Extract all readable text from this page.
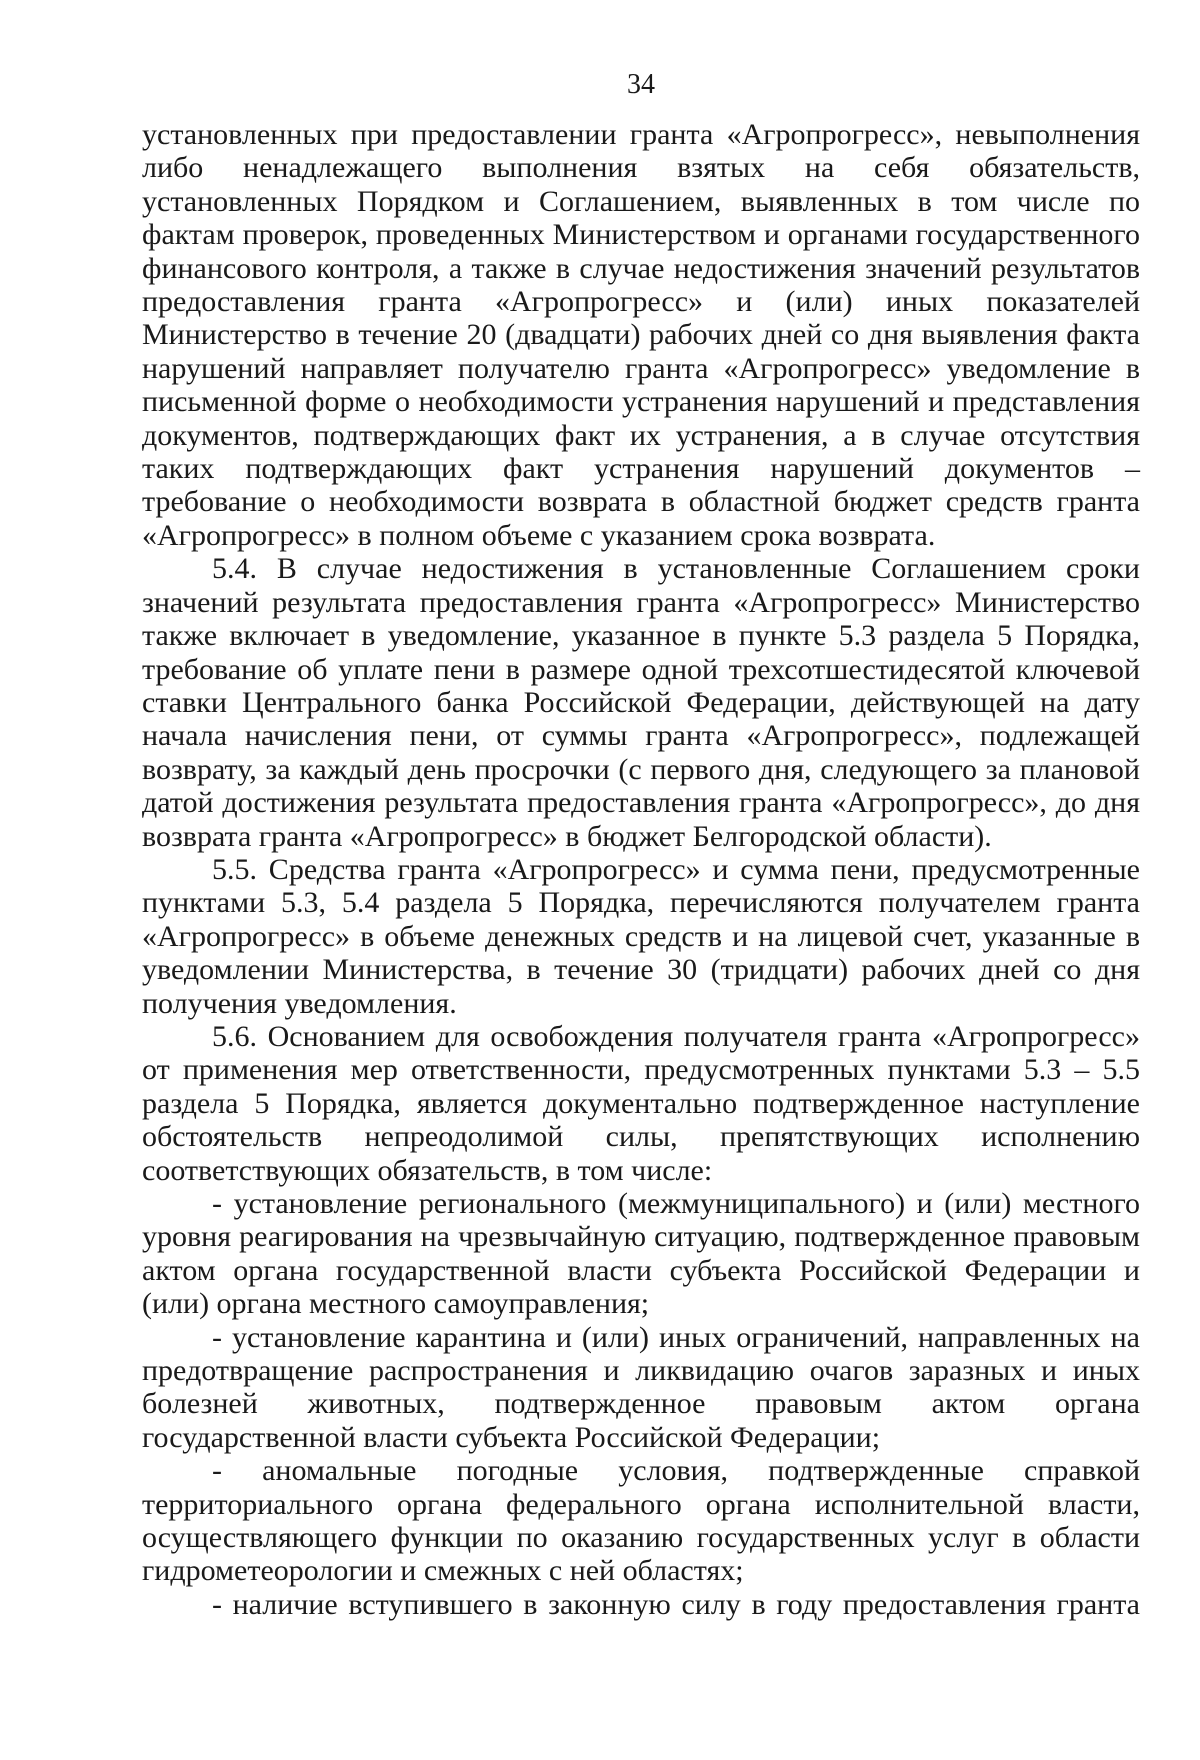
34

установленных при предоставлении гранта «Агропрогресс», невыполнения либо ненадлежащего выполнения взятых на себя обязательств, установленных Порядком и Соглашением, выявленных в том числе по фактам проверок, проведенных Министерством и органами государственного финансового контроля, а также в случае недостижения значений результатов предоставления гранта «Агропрогресс» и (или) иных показателей Министерство в течение 20 (двадцати) рабочих дней со дня выявления факта нарушений направляет получателю гранта «Агропрогресс» уведомление в письменной форме о необходимости устранения нарушений и представления документов, подтверждающих факт их устранения, а в случае отсутствия таких подтверждающих факт устранения нарушений документов – требование о необходимости возврата в областной бюджет средств гранта «Агропрогресс» в полном объеме с указанием срока возврата.

5.4. В случае недостижения в установленные Соглашением сроки значений результата предоставления гранта «Агропрогресс» Министерство также включает в уведомление, указанное в пункте 5.3 раздела 5 Порядка, требование об уплате пени в размере одной трехсотшестидесятой ключевой ставки Центрального банка Российской Федерации, действующей на дату начала начисления пени, от суммы гранта «Агропрогресс», подлежащей возврату, за каждый день просрочки (с первого дня, следующего за плановой датой достижения результата предоставления гранта «Агропрогресс», до дня возврата гранта «Агропрогресс» в бюджет Белгородской области).

5.5. Средства гранта «Агропрогресс» и сумма пени, предусмотренные пунктами 5.3, 5.4 раздела 5 Порядка, перечисляются получателем гранта «Агропрогресс» в объеме денежных средств и на лицевой счет, указанные в уведомлении Министерства, в течение 30 (тридцати) рабочих дней со дня получения уведомления.

5.6. Основанием для освобождения получателя гранта «Агропрогресс» от применения мер ответственности, предусмотренных пунктами 5.3 – 5.5 раздела 5 Порядка, является документально подтвержденное наступление обстоятельств непреодолимой силы, препятствующих исполнению соответствующих обязательств, в том числе:

- установление регионального (межмуниципального) и (или) местного уровня реагирования на чрезвычайную ситуацию, подтвержденное правовым актом органа государственной власти субъекта Российской Федерации и (или) органа местного самоуправления;

- установление карантина и (или) иных ограничений, направленных на предотвращение распространения и ликвидацию очагов заразных и иных болезней животных, подтвержденное правовым актом органа государственной власти субъекта Российской Федерации;

-    аномальные    погодные    условия,    подтвержденные    справкой территориального органа федерального органа исполнительной власти, осуществляющего функции по оказанию государственных услуг в области гидрометеорологии и смежных с ней областях;

- наличие вступившего в законную силу в году предоставления гранта
